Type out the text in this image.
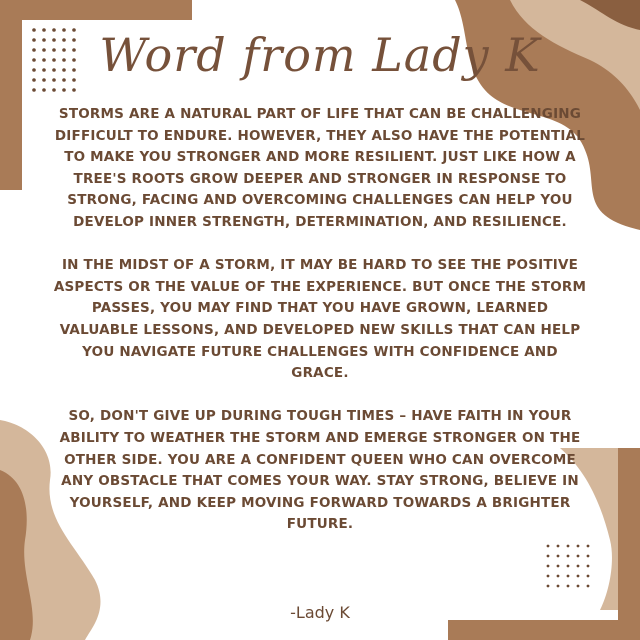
Word from Lady K

STORMS ARE A NATURAL PART OF LIFE THAT CAN BE CHALLENGING DIFFICULT TO ENDURE. HOWEVER, THEY ALSO HAVE THE POTENTIAL TO MAKE YOU STRONGER AND MORE RESILIENT. JUST LIKE HOW A TREE'S ROOTS GROW DEEPER AND STRONGER IN RESPONSE TO STRONG, FACING AND OVERCOMING CHALLENGES CAN HELP YOU DEVELOP INNER STRENGTH, DETERMINATION, AND RESILIENCE.

IN THE MIDST OF A STORM, IT MAY BE HARD TO SEE THE POSITIVE ASPECTS OR THE VALUE OF THE EXPERIENCE. BUT ONCE THE STORM PASSES, YOU MAY FIND THAT YOU HAVE GROWN, LEARNED VALUABLE LESSONS, AND DEVELOPED NEW SKILLS THAT CAN HELP YOU NAVIGATE FUTURE CHALLENGES WITH CONFIDENCE AND GRACE.

SO, DON'T GIVE UP DURING TOUGH TIMES – HAVE FAITH IN YOUR ABILITY TO WEATHER THE STORM AND EMERGE STRONGER ON THE OTHER SIDE. YOU ARE A CONFIDENT QUEEN WHO CAN OVERCOME ANY OBSTACLE THAT COMES YOUR WAY. STAY STRONG, BELIEVE IN YOURSELF, AND KEEP MOVING FORWARD TOWARDS A BRIGHTER FUTURE.

-Lady K
